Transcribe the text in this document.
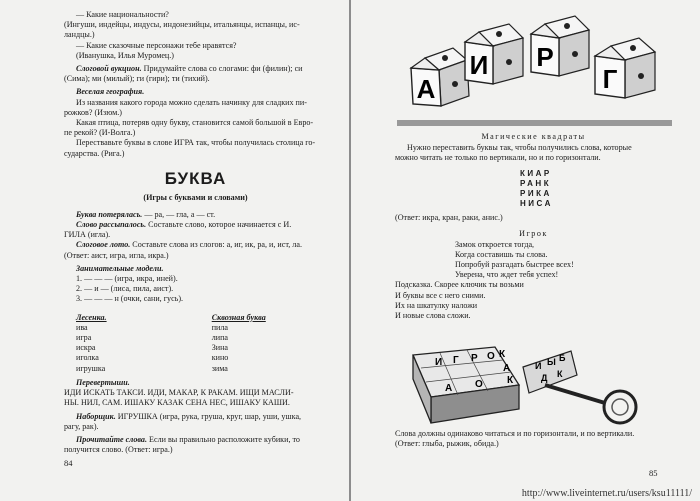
— Какие национальности?

(Ингуши, индейцы, индусы, индонезийцы, итальянцы, испанцы, ис-

ландцы.)

— Какие сказочные персонажи тебе нравятся?

(Иванушка, Илья Муромец.)

Слоговой вукцион. Придумайте слова со слогами: фи (филин); си

(Сима); ми (милый); ги (гири); ти (тихий).

Веселая география.

Из названия какого города можно сделать начинку для сладких пи-

рожков? (Изюм.)

Какая птица, потеряв одну букву, становится самой большой в Евро-

пе рекой? (И-Волга.)

Перествавьте буквы в слове ИГРА так, чтобы получилась столица го-

сударства. (Рига.)

БУКВА
(Игры с буквами и словами)

Буква потерялась. — ра, — гла, а — ст.

Слово рассыпалось. Составьте слово, которое начинается с И.

ГИЛА (игла).

Слоговое лото. Составьте слова из слогов: а, иг, ик, ра, и, ист, ла.

(Ответ: аист, игра, игла, икра.)

Занимательные модели.

1. — — — (игра, икра, иней).

2. — и — (лиса, пила, аист).

3. — — — н (очки, сани, гусь).

Лесенка.

ива

игра

искра

иголка

игрушка

Сквозная буква

пила

липа

Зина

кино

зима

Перевертыши.

ИДИ ИСКАТЬ ТАКСИ. ИДИ, МАКАР, К РАКАМ. ИЩИ МАСЛИ-

НЫ. НИЛ, САМ. ИШАКУ КАЗАК СЕНА НЕС, ИШАКУ КАШИ.

Наборщик. ИГРУШКА (игра, рука, груша, круг, шар, уши, ушка,

рагу, рак).

Прочитайте слова. Если вы правильно расположите кубики, то

получится слово. (Ответ: игра.)

84
А
И Р
Г
Магические квадраты

Нужно переставить буквы так, чтобы получились слова, которые

можно читать не только по вертикали, но и по горизонтали.

КИАР
РАНК
РИКА
НИСА

(Ответ: икра, кран, раки, анис.)

Игрок

Замок откроется тогда,

Когда составишь ты слова.

Попробуй разгадать быстрее всех!

Уверена, что ждет тебя успех!

Подсказка. Скорее ключик ты возьми

И буквы все с него сними.

Их на шкатулку наложи

И новые слова сложи.

И Г Р О К
А
К
А О
И Ы Б
Д К

Слова должны одинаково читаться и по горизонтали, и по вертикали.

(Ответ: глыба, рыжик, обида.)

85
http://www.liveinternet.ru/users/ksu11111/
